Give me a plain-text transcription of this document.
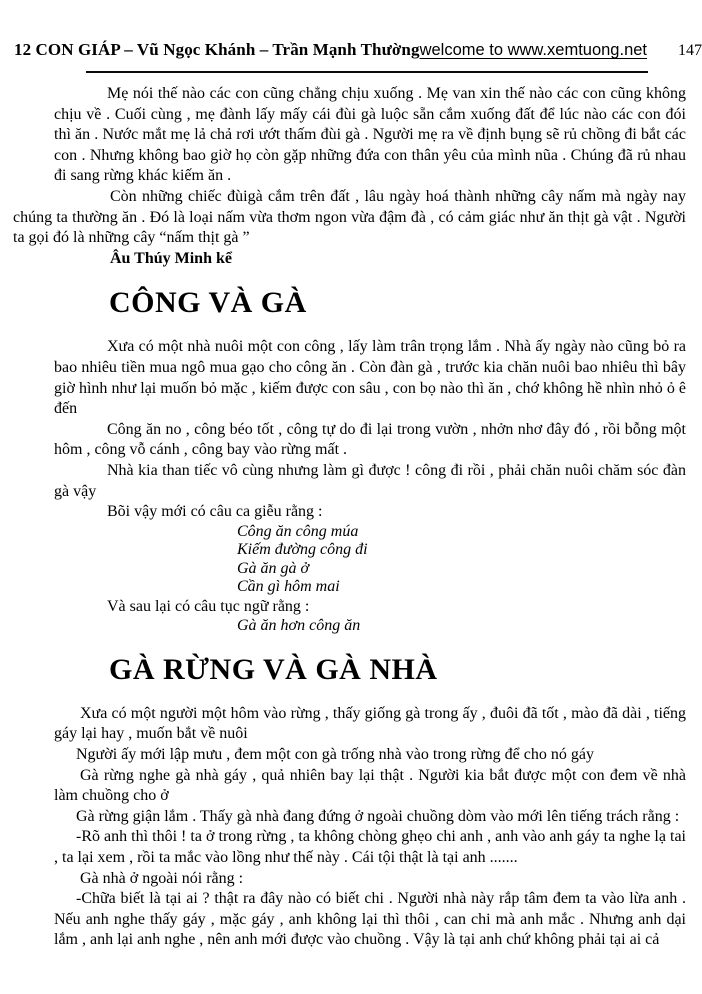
12 CON GIÁP – Vũ Ngọc Khánh – Trần Mạnh Thường welcome to www.xemtuong.net 147

Mẹ nói thế nào các con cũng chẳng chịu xuống . Mẹ van xin thế nào các con cũng không chịu về . Cuối cùng , mẹ đành lấy mấy cái đùi gà luộc sẵn cắm xuống đất để lúc nào các con đói thì ăn . Nước mắt mẹ lả chả rơi ướt thấm đùi gà . Người mẹ ra về định bụng sẽ rủ chồng đi bắt các con . Nhưng không bao giờ họ còn gặp những đứa con thân yêu của mình nũa . Chúng đã rủ nhau đi sang rừng khác kiếm ăn .

Còn những chiếc đùigà cắm trên đất , lâu ngày hoá thành những cây nấm mà ngày nay chúng ta thường ăn . Đó là loại nấm vừa thơm ngon vừa đậm đà , có cảm giác như ăn thịt gà vật . Người ta gọi đó là những cây “nấm thịt gà ”

Âu Thúy Minh kể

CÔNG VÀ GÀ

Xưa có một nhà nuôi một con công , lấy làm trân trọng lắm . Nhà ấy ngày nào cũng bỏ ra bao nhiêu tiền mua ngô mua gạo cho công ăn . Còn đàn gà , trước kia chăn nuôi bao nhiêu thì bây giờ hình như lại muốn bỏ mặc , kiếm được con sâu , con bọ nào thì ăn , chớ không hề nhìn nhỏ ỏ ê đến

Công ăn no , công béo tốt , công tự do đi lại trong vườn , nhởn nhơ đây đó , rồi bỗng một hôm , công vỗ cánh , công bay vào rừng mất .

Nhà kia than tiếc vô cùng nhưng làm gì được ! công đi rồi , phải chăn nuôi chăm sóc đàn gà vậy

Bõi vậy mới có câu ca giễu rằng :

Công ăn công múa

Kiếm đường công đi

Gà ăn gà ở

Cần gì hôm mai

Và sau lại có câu tục ngữ rằng :

Gà ăn hơn công ăn

GÀ RỪNG VÀ GÀ NHÀ

Xưa có một người một hôm vào rừng , thấy giống gà trong ấy , đuôi đã tốt , mào đã dài , tiếng gáy lại hay , muốn bắt về nuôi

Người ấy mới lập mưu , đem một con gà trống nhà vào trong rừng để cho nó gáy

Gà rừng nghe gà nhà gáy , quả nhiên bay lại thật . Người kia bắt được một con đem về nhà làm chuồng cho ở

Gà rừng giận lắm . Thấy gà nhà đang đứng ở ngoài chuồng dòm vào mới lên tiếng trách rằng :

-Rõ anh thì thôi ! ta ở trong rừng , ta không chòng ghẹo chi anh , anh vào anh gáy ta nghe lạ tai , ta lại xem , rồi ta mắc vào lồng như thế này . Cái tội thật là tại anh .......

Gà nhà ở ngoài nói rằng :

-Chữa biết là tại ai ? thật ra đây nào có biết chi . Người nhà này rắp tâm đem ta vào lừa anh . Nếu anh nghe thấy gáy , mặc gáy , anh không lại thì thôi , can chi mà anh mắc . Nhưng anh dại lắm , anh lại anh nghe , nên anh mới được vào chuồng . Vậy là tại anh chứ không phải tại ai cả
